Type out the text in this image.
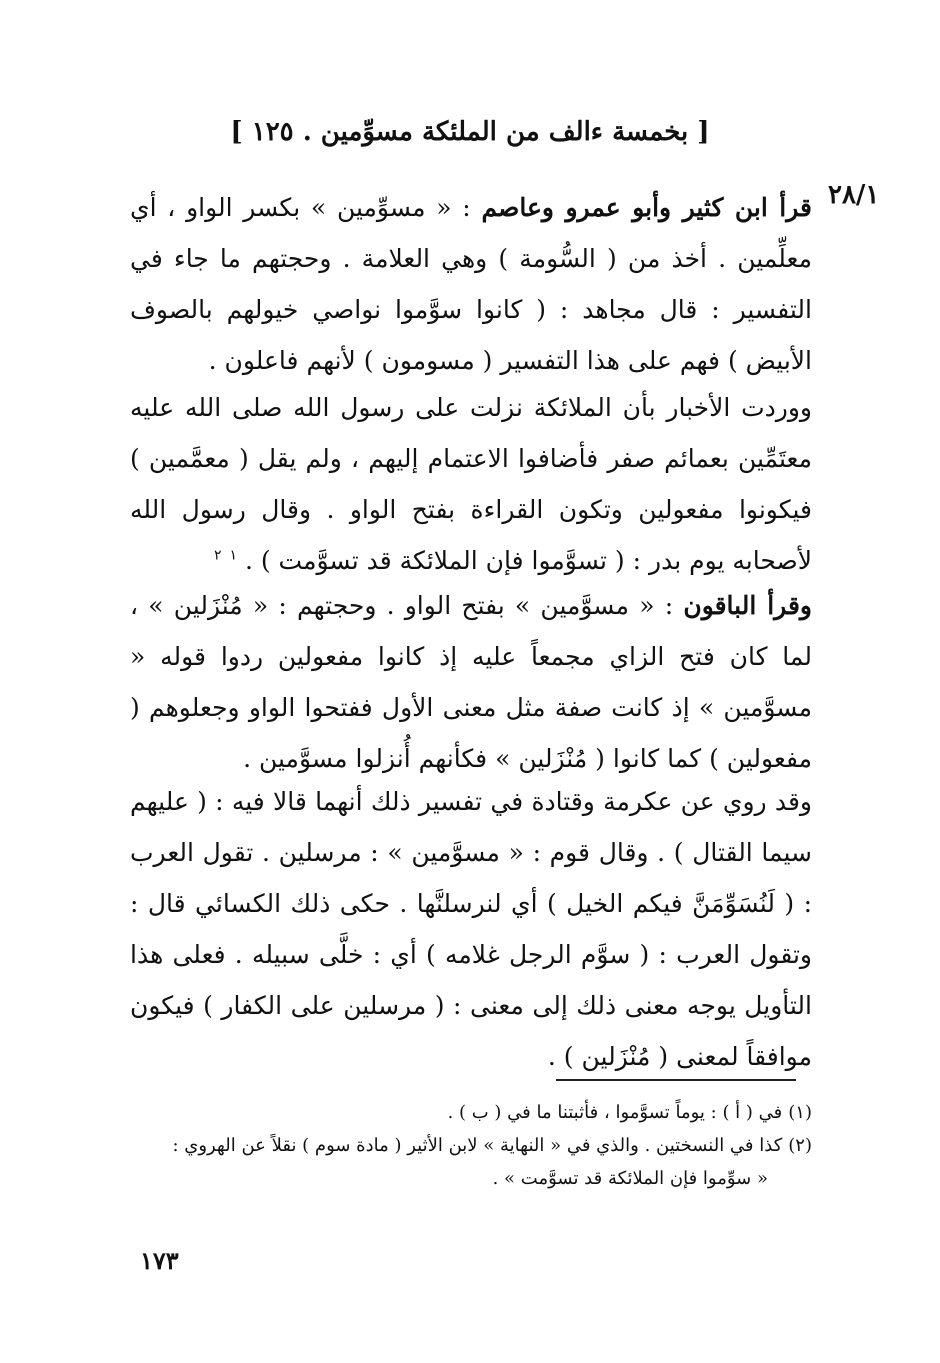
[ بخمسة ءالف من الملئكة مسوِّمين . ١٢٥ ]
٢٨/١
قرأ ابن كثير وأبو عمرو وعاصم : « مسوِّمين » بكسر الواو ، أي معلِّمين . أخذ من ( السُّومة ) وهي العلامة . وحجتهم ما جاء في التفسير : قال مجاهد : ( كانوا سوَّموا نواصي خيولهم بالصوف الأبيض ) فهم على هذا التفسير ( مسومون ) لأنهم فاعلون .
ووردت الأخبار بأن الملائكة نزلت على رسول الله صلى الله عليه معتَمِّين بعمائم صفر فأضافوا الاعتمام إليهم ، ولم يقل ( معمَّمين ) فيكونوا مفعولين وتكون القراءة بفتح الواو . وقال رسول الله لأصحابه يوم بدر : ( تسوَّموا فإن الملائكة قد تسوَّمت ) . $^١$ $^٢$
وقرأ الباقون : « مسوَّمين » بفتح الواو . وحجتهم : « مُنْزَلين » ، لما كان فتح الزاي مجمعاً عليه إذ كانوا مفعولين ردوا قوله « مسوَّمين » إذ كانت صفة مثل معنى الأول ففتحوا الواو وجعلوهم ( مفعولين ) كما كانوا ( مُنْزَلين » فكأنهم أُنزلوا مسوَّمين .
وقد روي عن عكرمة وقتادة في تفسير ذلك أنهما قالا فيه : ( عليهم سيما القتال ) . وقال قوم : « مسوَّمين » : مرسلين . تقول العرب : ( لَنُسَوِّمَنَّ فيكم الخيل ) أي لنرسلنَّها . حكى ذلك الكسائي قال : وتقول العرب : ( سوَّم الرجل غلامه ) أي : خلَّى سبيله . فعلى هذا التأويل يوجه معنى ذلك إلى معنى : ( مرسلين على الكفار ) فيكون موافقاً لمعنى ( مُنْزَلين ) .

(١)في ( أ ) : يوماً تسوَّموا ، فأثبتنا ما في ( ب ) .

(٢)كذا في النسختين . والذي في « النهاية » لابن الأثير ( مادة سوم ) نقلاً عن الهروي :
« سوِّموا فإن الملائكة قد تسوَّمت » .

١٧٣
